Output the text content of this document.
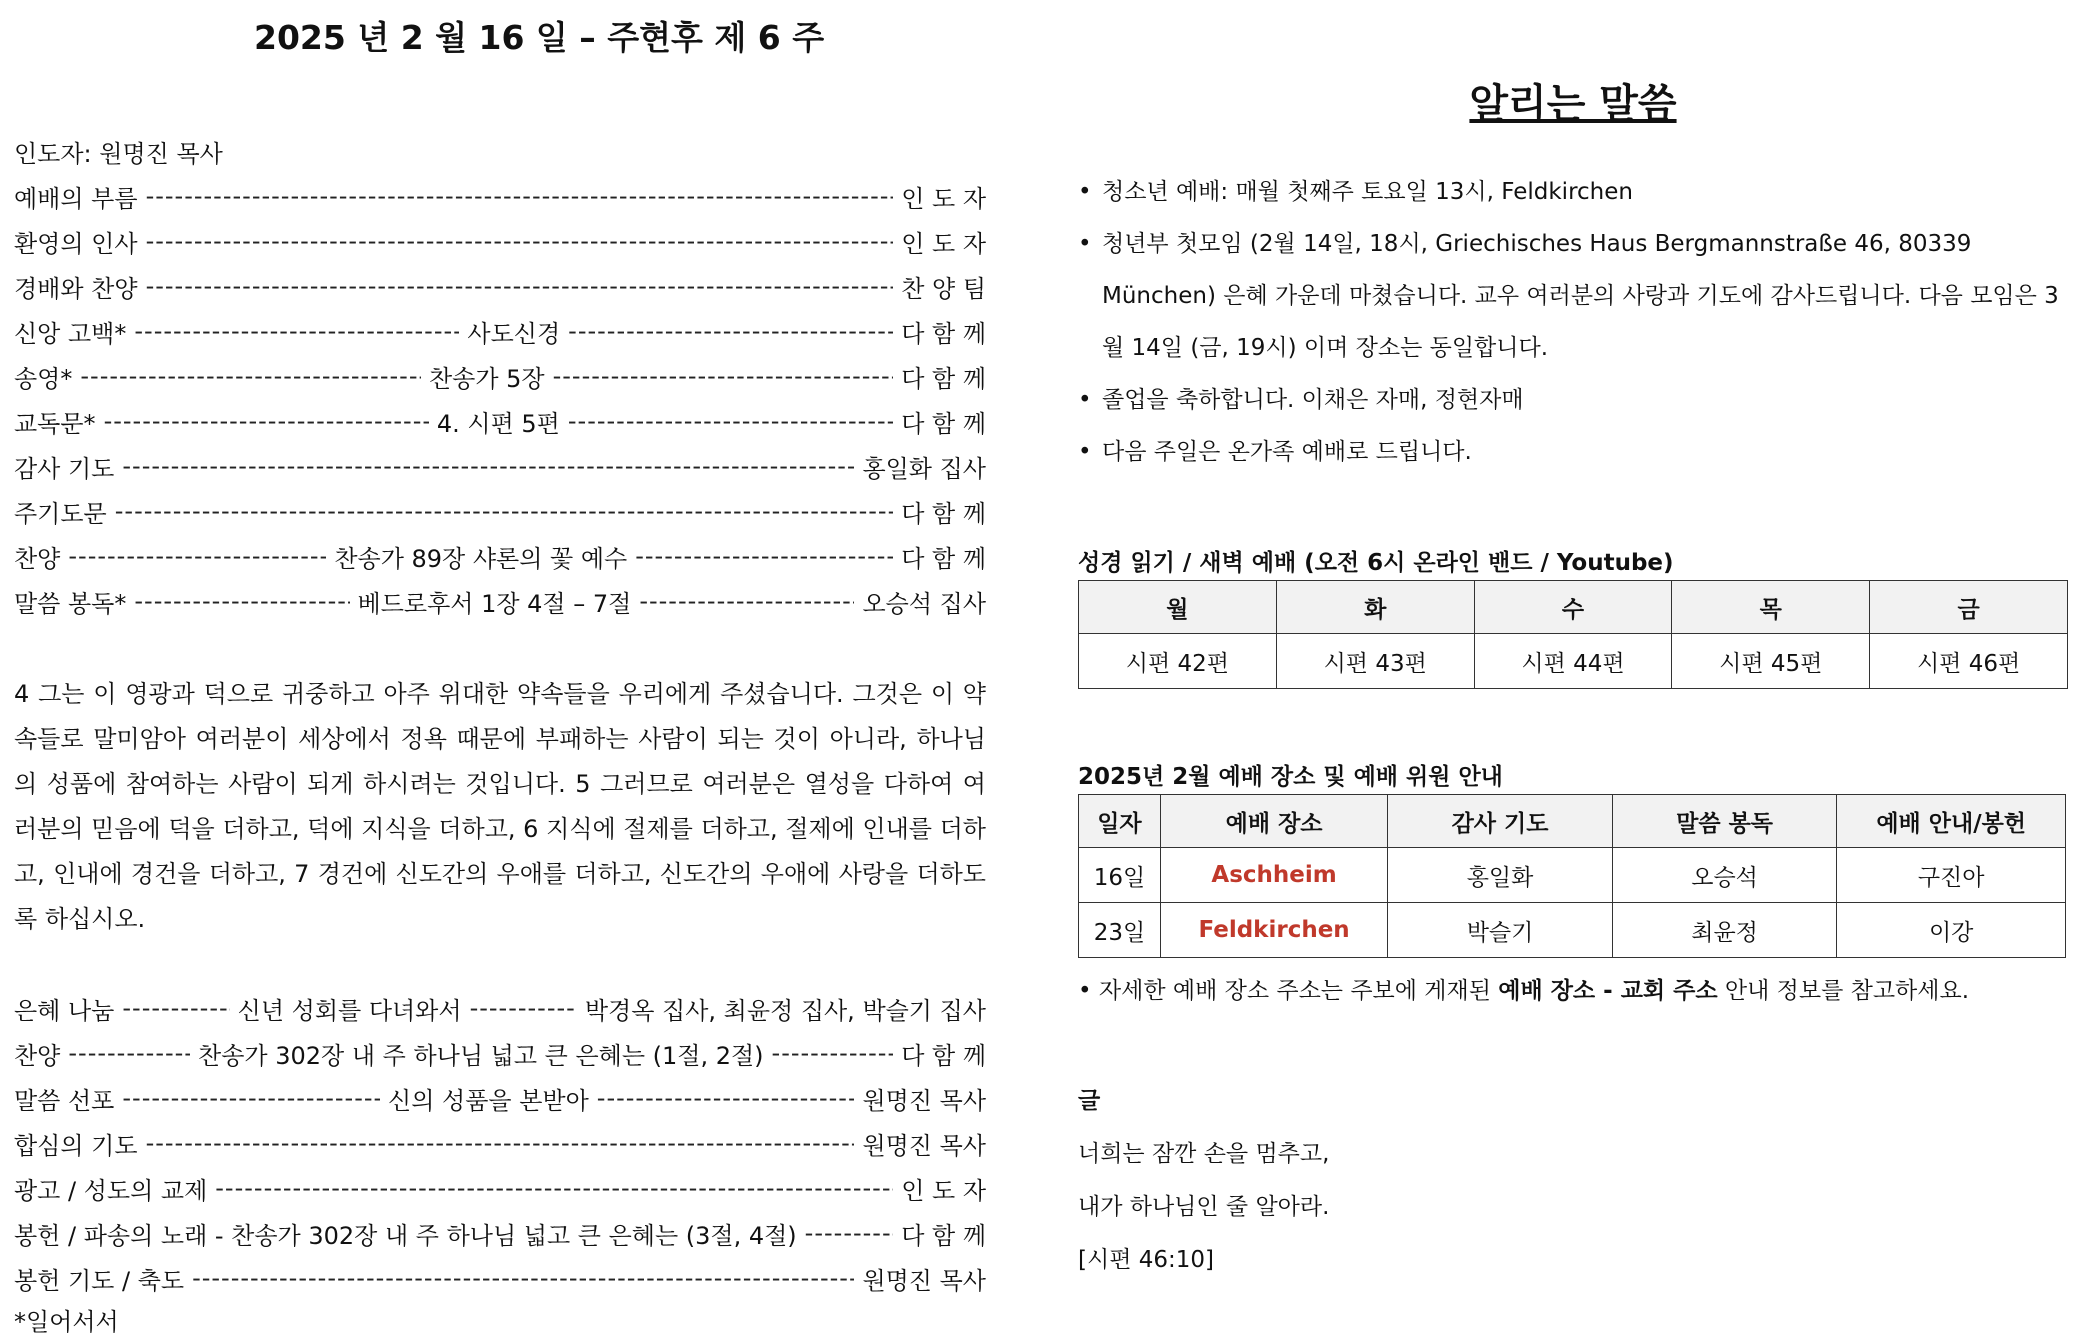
2025 년 2 월 16 일 – 주현후 제 6 주
인도자: 원명진 목사
예배의 부름 -----	인 도 자
환영의 인사 -----	인 도 자
경배와 찬양 -----	찬 양 팀
신앙 고백* -----	사도신경 -----	다 함 께
송영* -----	찬송가 5장 -----	다 함 께
교독문* -----	4. 시편 5편 -----	다 함 께
감사 기도 -----	홍일화 집사
주기도문 -----	다 함 께
찬양 -----	찬송가 89장 샤론의 꽃 예수 -----	다 함 께
말씀 봉독* -----	베드로후서 1장 4절 – 7절 -----	오승석 집사
4 그는 이 영광과 덕으로 귀중하고 아주 위대한 약속들을 우리에게 주셨습니다. 그것은 이 약속들로 말미암아 여러분이 세상에서 정욕 때문에 부패하는 사람이 되는 것이 아니라, 하나님의 성품에 참여하는 사람이 되게 하시려는 것입니다. 5 그러므로 여러분은 열성을 다하여 여러분의 믿음에 덕을 더하고, 덕에 지식을 더하고, 6 지식에 절제를 더하고, 절제에 인내를 더하고, 인내에 경건을 더하고, 7 경건에 신도간의 우애를 더하고, 신도간의 우애에 사랑을 더하도록 하십시오.
은혜 나눔 -----	신년 성회를 다녀와서 -----	박경옥 집사, 최윤정 집사, 박슬기 집사
찬양 -----	찬송가 302장 내 주 하나님 넓고 큰 은혜는 (1절, 2절) -----	다 함 께
말씀 선포 -----	신의 성품을 본받아 -----	원명진 목사
합심의 기도 -----	원명진 목사
광고 / 성도의 교제 -----	인 도 자
봉헌 / 파송의 노래 - 찬송가 302장 내 주 하나님 넓고 큰 은혜는 (3절, 4절) -----	다 함 께
봉헌 기도 / 축도 -----	원명진 목사
*일어서서
알리는 말씀
• 청소년 예배: 매월 첫째주 토요일 13시, Feldkirchen
• 청년부 첫모임 (2월 14일, 18시, Griechisches Haus Bergmannstraße 46, 80339 München) 은혜 가운데 마쳤습니다. 교우 여러분의 사랑과 기도에 감사드립니다. 다음 모임은 3월 14일 (금, 19시) 이며 장소는 동일합니다.
• 졸업을 축하합니다. 이채은 자매, 정현자매
• 다음 주일은 온가족 예배로 드립니다.
성경 읽기 / 새벽 예배 (오전 6시 온라인 밴드 / Youtube)
월	화	수	목	금
시편 42편	시편 43편	시편 44편	시편 45편	시편 46편
2025년 2월 예배 장소 및 예배 위원 안내
일자	예배 장소	감사 기도	말씀 봉독	예배 안내/봉헌
16일	Aschheim	홍일화	오승석	구진아
23일	Feldkirchen	박슬기	최윤정	이강
• 자세한 예배 장소 주소는 주보에 게재된 예배 장소 - 교회 주소 안내 정보를 참고하세요.
글
너희는 잠깐 손을 멈추고,
내가 하나님인 줄 알아라.
[시편 46:10]
